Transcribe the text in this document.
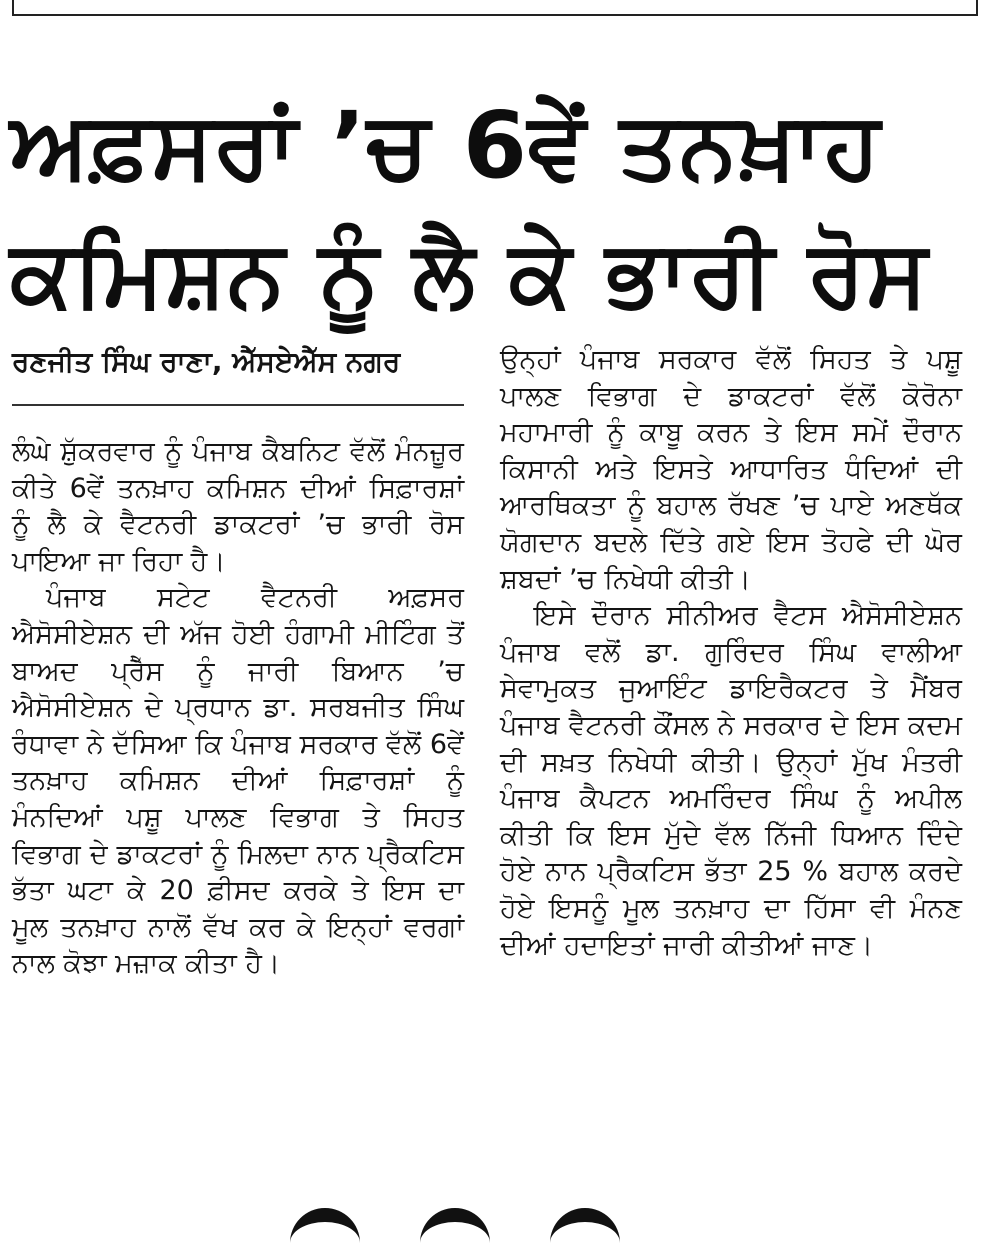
ਅਫ਼ਸਰਾਂ ’ਚ 6ਵੇਂ ਤਨਖ਼ਾਹ
ਕਮਿਸ਼ਨ ਨੂੰ ਲੈ ਕੇ ਭਾਰੀ ਰੋਸ
ਰਣਜੀਤ ਸਿੰਘ ਰਾਣਾ, ਐੱਸਏਐੱਸ ਨਗਰ

ਲੰਘੇ ਸ਼ੁੱਕਰਵਾਰ ਨੂੰ ਪੰਜਾਬ ਕੈਬਨਿਟ ਵੱਲੋਂ ਮੰਨਜ਼ੂਰ ਕੀਤੇ 6ਵੇਂ ਤਨਖ਼ਾਹ ਕਮਿਸ਼ਨ ਦੀਆਂ ਸਿਫ਼ਾਰਸ਼ਾਂ ਨੂੰ ਲੈ ਕੇ ਵੈਟਨਰੀ ਡਾਕਟਰਾਂ ’ਚ ਭਾਰੀ ਰੋਸ ਪਾਇਆ ਜਾ ਰਿਹਾ ਹੈ।

ਪੰਜਾਬ ਸਟੇਟ ਵੈਟਨਰੀ ਅਫ਼ਸਰ ਐਸੋਸੀਏਸ਼ਨ ਦੀ ਅੱਜ ਹੋਈ ਹੰਗਾਮੀ ਮੀਟਿੰਗ ਤੋਂ ਬਾਅਦ ਪ੍ਰੈੱਸ ਨੂੰ ਜਾਰੀ ਬਿਆਨ ’ਚ ਐਸੋਸੀਏਸ਼ਨ ਦੇ ਪ੍ਰਧਾਨ ਡਾ. ਸਰਬਜੀਤ ਸਿੰਘ ਰੰਧਾਵਾ ਨੇ ਦੱਸਿਆ ਕਿ ਪੰਜਾਬ ਸਰਕਾਰ ਵੱਲੋਂ 6ਵੇਂ ਤਨਖ਼ਾਹ ਕਮਿਸ਼ਨ ਦੀਆਂ ਸਿਫ਼ਾਰਸ਼ਾਂ ਨੂੰ ਮੰਨਦਿਆਂ ਪਸ਼ੂ ਪਾਲਣ ਵਿਭਾਗ ਤੇ ਸਿਹਤ ਵਿਭਾਗ ਦੇ ਡਾਕਟਰਾਂ ਨੂੰ ਮਿਲਦਾ ਨਾਨ ਪ੍ਰੈਕਟਿਸ ਭੱਤਾ ਘਟਾ ਕੇ 20 ਫ਼ੀਸਦ ਕਰਕੇ ਤੇ ਇਸ ਦਾ ਮੂਲ ਤਨਖ਼ਾਹ ਨਾਲੋਂ ਵੱਖ ਕਰ ਕੇ ਇਨ੍ਹਾਂ ਵਰਗਾਂ ਨਾਲ ਕੋਝਾ ਮਜ਼ਾਕ ਕੀਤਾ ਹੈ।

ਉਨ੍ਹਾਂ ਪੰਜਾਬ ਸਰਕਾਰ ਵੱਲੋਂ ਸਿਹਤ ਤੇ ਪਸ਼ੂ ਪਾਲਣ ਵਿਭਾਗ ਦੇ ਡਾਕਟਰਾਂ ਵੱਲੋਂ ਕੋਰੋਨਾ ਮਹਾਮਾਰੀ ਨੂੰ ਕਾਬੂ ਕਰਨ ਤੇ ਇਸ ਸਮੇਂ ਦੌਰਾਨ ਕਿਸਾਨੀ ਅਤੇ ਇਸਤੇ ਆਧਾਰਿਤ ਧੰਦਿਆਂ ਦੀ ਆਰਥਿਕਤਾ ਨੂੰ ਬਹਾਲ ਰੱਖਣ ’ਚ ਪਾਏ ਅਣਥੱਕ ਯੋਗਦਾਨ ਬਦਲੇ ਦਿੱਤੇ ਗਏ ਇਸ ਤੋਹਫੇ ਦੀ ਘੋਰ ਸ਼ਬਦਾਂ ’ਚ ਨਿਖੇਧੀ ਕੀਤੀ।

ਇਸੇ ਦੌਰਾਨ ਸੀਨੀਅਰ ਵੈਟਸ ਐਸੋਸੀਏਸ਼ਨ ਪੰਜਾਬ ਵਲੋਂ ਡਾ. ਗੁਰਿੰਦਰ ਸਿੰਘ ਵਾਲੀਆ ਸੇਵਾਮੁਕਤ ਜੁਆਇੰਟ ਡਾਇਰੈਕਟਰ ਤੇ ਮੈਂਬਰ ਪੰਜਾਬ ਵੈਟਨਰੀ ਕੌਂਸਲ ਨੇ ਸਰਕਾਰ ਦੇ ਇਸ ਕਦਮ ਦੀ ਸਖ਼ਤ ਨਿਖੇਧੀ ਕੀਤੀ। ਉਨ੍ਹਾਂ ਮੁੱਖ ਮੰਤਰੀ ਪੰਜਾਬ ਕੈਪਟਨ ਅਮਰਿੰਦਰ ਸਿੰਘ ਨੂੰ ਅਪੀਲ ਕੀਤੀ ਕਿ ਇਸ ਮੁੱਦੇ ਵੱਲ ਨਿੱਜੀ ਧਿਆਨ ਦਿੰਦੇ ਹੋਏ ਨਾਨ ਪ੍ਰੈਕਟਿਸ ਭੱਤਾ 25 % ਬਹਾਲ ਕਰਦੇ ਹੋਏ ਇਸਨੂੰ ਮੂਲ ਤਨਖ਼ਾਹ ਦਾ ਹਿੱਸਾ ਵੀ ਮੰਨਣ ਦੀਆਂ ਹਦਾਇਤਾਂ ਜਾਰੀ ਕੀਤੀਆਂ ਜਾਣ।
